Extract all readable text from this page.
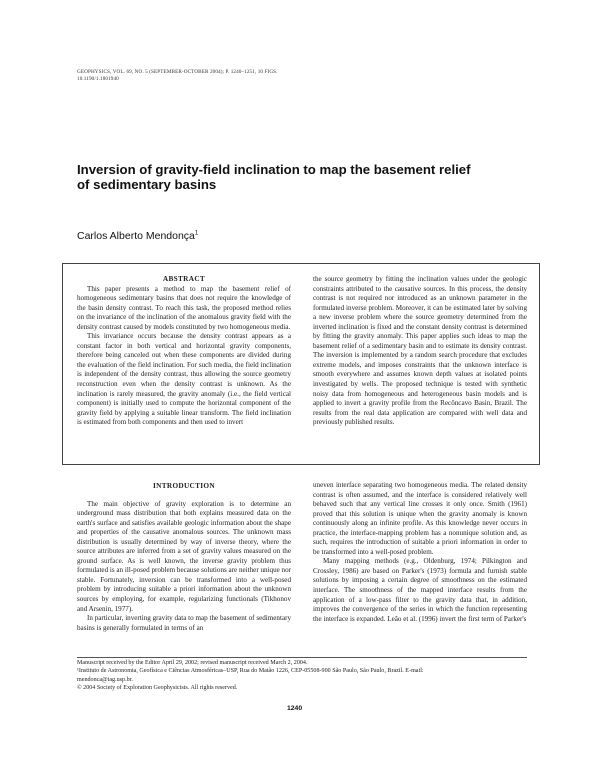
GEOPHYSICS, VOL. 69, NO. 5 (SEPTEMBER-OCTOBER 2004); P. 1240–1251, 10 FIGS.
10.1190/1.1801940
Inversion of gravity-field inclination to map the basement relief of sedimentary basins
Carlos Alberto Mendonça$^1$
ABSTRACT
This paper presents a method to map the basement relief of homogeneous sedimentary basins that does not require the knowledge of the basin density contrast. To reach this task, the proposed method relies on the invariance of the inclination of the anomalous gravity field with the density contrast caused by models constituted by two homogeneous media.
This invariance occurs because the density contrast appears as a constant factor in both vertical and horizontal gravity components, therefore being canceled out when these components are divided during the evaluation of the field inclination. For such media, the field inclination is independent of the density contrast, thus allowing the source geometry reconstruction even when the density contrast is unknown. As the inclination is rarely measured, the gravity anomaly (i.e., the field vertical component) is initially used to compute the horizontal component of the gravity field by applying a suitable linear transform. The field inclination is estimated from both components and then used to invert
the source geometry by fitting the inclination values under the geologic constraints attributed to the causative sources. In this process, the density contrast is not required nor introduced as an unknown parameter in the formulated inverse problem. Moreover, it can be estimated later by solving a new inverse problem where the source geometry determined from the inverted inclination is fixed and the constant density contrast is determined by fitting the gravity anomaly. This paper applies such ideas to map the basement relief of a sedimentary basin and to estimate its density contrast. The inversion is implemented by a random search procedure that excludes extreme models, and imposes constraints that the unknown interface is smooth everywhere and assumes known depth values at isolated points investigated by wells. The proposed technique is tested with synthetic noisy data from homogeneous and heterogeneous basin models and is applied to invert a gravity profile from the Recôncavo Basin, Brazil. The results from the real data application are compared with well data and previously published results.
INTRODUCTION

The main objective of gravity exploration is to determine an underground mass distribution that both explains measured data on the earth's surface and satisfies available geologic information about the shape and properties of the causative anomalous sources. The unknown mass distribution is usually determined by way of inverse theory, where the source attributes are inferred from a set of gravity values measured on the ground surface. As is well known, the inverse gravity problem thus formulated is an ill-posed problem because solutions are neither unique nor stable. Fortunately, inversion can be transformed into a well-posed problem by introducing suitable a priori information about the unknown sources by employing, for example, regularizing functionals (Tikhonov and Arsenin, 1977).

In particular, inverting gravity data to map the basement of sedimentary basins is generally formulated in terms of an

uneven interface separating two homogeneous media. The related density contrast is often assumed, and the interface is considered relatively well behaved such that any vertical line crosses it only once. Smith (1961) proved that this solution is unique when the gravity anomaly is known continuously along an infinite profile. As this knowledge never occurs in practice, the interface-mapping problem has a nonunique solution and, as such, requires the introduction of suitable a priori information in order to be transformed into a well-posed problem.

Many mapping methods (e.g., Oldenburg, 1974; Pilkington and Crossley, 1986) are based on Parker's (1973) formula and furnish stable solutions by imposing a certain degree of smoothness on the estimated interface. The smoothness of the mapped interface results from the application of a low-pass filter to the gravity data that, in addition, improves the convergence of the series in which the function representing the interface is expanded. Leão et al. (1996) invert the first term of Parker's

Manuscript received by the Editor April 29, 2002; revised manuscript received March 2, 2004.
¹Instituto de Astronomia, Geofísica e Ciências Atmosféricas–USP, Rua do Matão 1226, CEP-05508-900 São Paulo, São Paulo, Brazil. E-mail:
mendonca@iag.usp.br.
© 2004 Society of Exploration Geophysicists. All rights reserved.
1240
